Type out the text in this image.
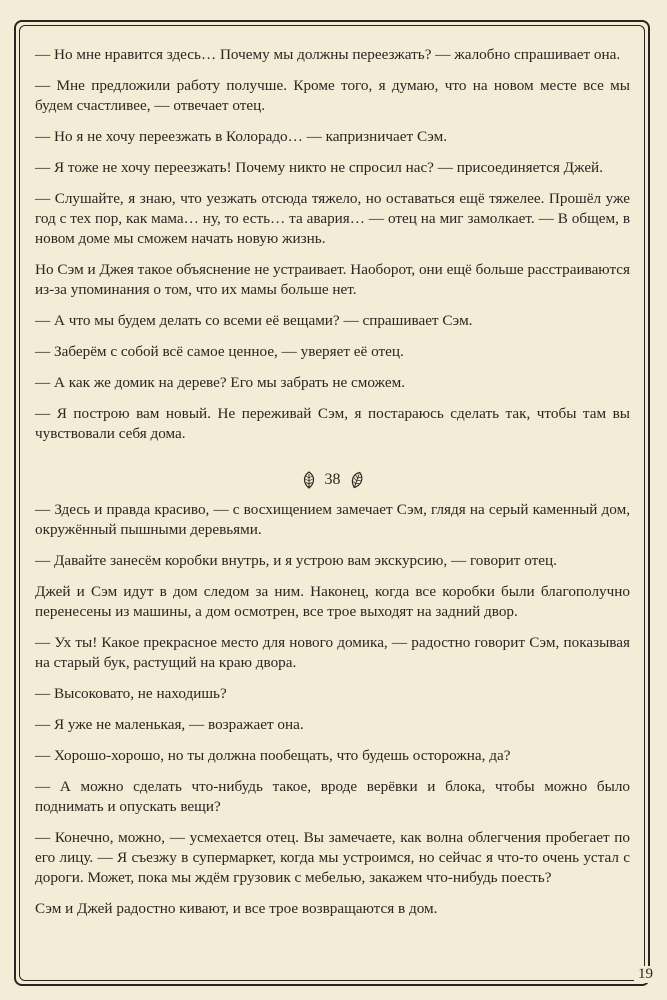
— Но мне нравится здесь… Почему мы должны переезжать? — жалобно спрашивает она.

— Мне предложили работу получше. Кроме того, я думаю, что на новом месте все мы будем счастливее, — отвечает отец.

— Но я не хочу переезжать в Колорадо… — капризничает Сэм.

— Я тоже не хочу переезжать! Почему никто не спросил нас? — присоединяется Джей.

— Слушайте, я знаю, что уезжать отсюда тяжело, но оставаться ещё тяжелее. Прошёл уже год с тех пор, как мама… ну, то есть… та авария… — отец на миг замолкает. — В общем, в новом доме мы сможем начать новую жизнь.

Но Сэм и Джея такое объяснение не устраивает. Наоборот, они ещё больше расстраиваются из-за упоминания о том, что их мамы больше нет.

— А что мы будем делать со всеми её вещами? — спрашивает Сэм.

— Заберём с собой всё самое ценное, — уверяет её отец.

— А как же домик на дереве? Его мы забрать не сможем.

— Я построю вам новый. Не переживай Сэм, я постараюсь сделать так, чтобы там вы чувствовали себя дома.

38

— Здесь и правда красиво, — с восхищением замечает Сэм, глядя на серый каменный дом, окружённый пышными деревьями.

— Давайте занесём коробки внутрь, и я устрою вам экскурсию, — говорит отец.

Джей и Сэм идут в дом следом за ним. Наконец, когда все коробки были благополучно перенесены из машины, а дом осмотрен, все трое выходят на задний двор.

— Ух ты! Какое прекрасное место для нового домика, — радостно говорит Сэм, показывая на старый бук, растущий на краю двора.

— Высоковато, не находишь?

— Я уже не маленькая, — возражает она.

— Хорошо-хорошо, но ты должна пообещать, что будешь осторожна, да?

— А можно сделать что-нибудь такое, вроде верёвки и блока, чтобы можно было поднимать и опускать вещи?

— Конечно, можно, — усмехается отец. Вы замечаете, как волна облегчения пробегает по его лицу. — Я съезжу в супермаркет, когда мы устроимся, но сейчас я что-то очень устал с дороги. Может, пока мы ждём грузовик с мебелью, закажем что-нибудь поесть?

Сэм и Джей радостно кивают, и все трое возвращаются в дом.

19
